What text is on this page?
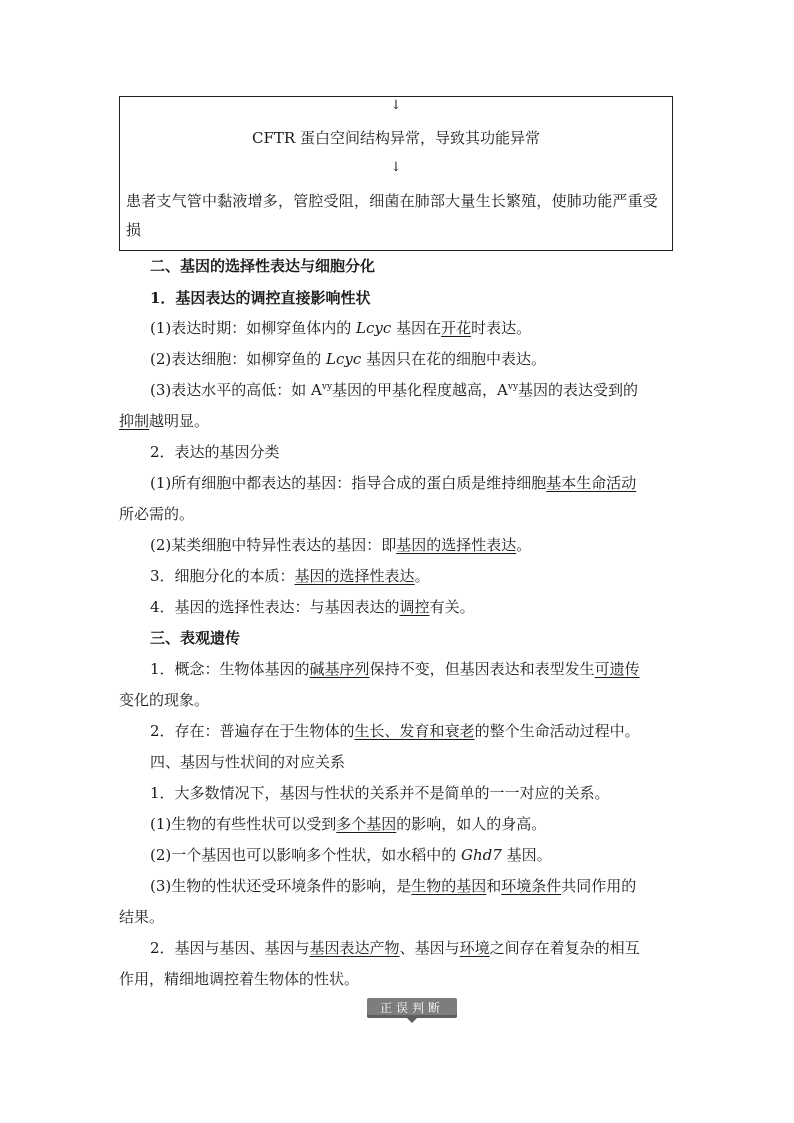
↓
CFTR 蛋白空间结构异常，导致其功能异常
↓
患者支气管中黏液增多，管腔受阻，细菌在肺部大量生长繁殖，使肺功能严重受损
二、基因的选择性表达与细胞分化
1．基因表达的调控直接影响性状
(1)表达时期：如柳穿鱼体内的 Lcyc 基因在开花时表达。
(2)表达细胞：如柳穿鱼的 Lcyc 基因只在花的细胞中表达。
(3)表达水平的高低：如 $A^{vy}$基因的甲基化程度越高，$A^{vy}$基因的表达受到的
抑制越明显。
2．表达的基因分类
(1)所有细胞中都表达的基因：指导合成的蛋白质是维持细胞基本生命活动
所必需的。
(2)某类细胞中特异性表达的基因：即基因的选择性表达。
3．细胞分化的本质：基因的选择性表达。
4．基因的选择性表达：与基因表达的调控有关。
三、表观遗传
1．概念：生物体基因的碱基序列保持不变，但基因表达和表型发生可遗传
变化的现象。
2．存在：普遍存在于生物体的生长、发育和衰老的整个生命活动过程中。
四、基因与性状间的对应关系
1．大多数情况下，基因与性状的关系并不是简单的一一对应的关系。
(1)生物的有些性状可以受到多个基因的影响，如人的身高。
(2)一个基因也可以影响多个性状，如水稻中的 Ghd7 基因。
(3)生物的性状还受环境条件的影响，是生物的基因和环境条件共同作用的
结果。
2．基因与基因、基因与基因表达产物、基因与环境之间存在着复杂的相互
作用，精细地调控着生物体的性状。
正误判断
